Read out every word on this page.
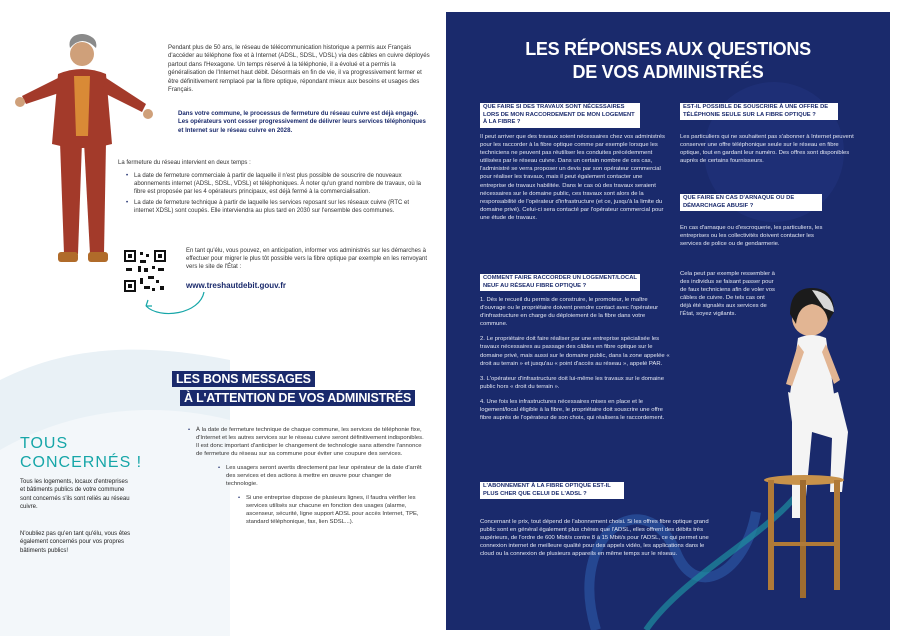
Pendant plus de 50 ans, le réseau de télécommunication historique a permis aux Français d'accéder au téléphone fixe et à Internet (ADSL, SDSL, VDSL) via des câbles en cuivre déployés partout dans l'Hexagone. Un temps réservé à la téléphonie, il a évolué et a permis la généralisation de l'Internet haut débit. Désormais en fin de vie, il va progressivement fermer et être définitivement remplacé par la fibre optique, répondant mieux aux besoins et usages des Français.
Dans votre commune, le processus de fermeture du réseau cuivre est déjà engagé. Les opérateurs vont cesser progressivement de délivrer leurs services téléphoniques et Internet sur le réseau cuivre en 2028.
La fermeture du réseau intervient en deux temps :
• La date de fermeture commerciale à partir de laquelle il n'est plus possible de souscrire de nouveaux abonnements internet (ADSL, SDSL, VDSL) et téléphoniques. À noter qu'un grand nombre de travaux, où la fibre est proposée par les 4 opérateurs principaux, est déjà fermé à la commercialisation.
• La date de fermeture technique à partir de laquelle les services reposant sur les réseaux cuivre (RTC et internet XDSL) sont coupés. Elle interviendra au plus tard en 2030 sur l'ensemble des communes.
En tant qu'élu, vous pouvez, en anticipation, informer vos administrés sur les démarches à effectuer pour migrer le plus tôt possible vers la fibre optique par exemple en les renvoyant vers le site de l'État :
www.treshautdebit.gouv.fr
LES BONS MESSAGES
À L'ATTENTION DE VOS ADMINISTRÉS
TOUS
CONCERNÉS !
Tous les logements, locaux d'entreprises et bâtiments publics de votre commune sont concernés s'ils sont reliés au réseau cuivre.
N'oubliez pas qu'en tant qu'élu, vous êtes également concernés pour vos propres bâtiments publics!
• À la date de fermeture technique de chaque commune, les services de téléphonie fixe, d'Internet et les autres services sur le réseau cuivre seront définitivement indisponibles. Il est donc important d'anticiper le changement de technologie sans attendre l'annonce de fermeture du réseau sur sa commune pour éviter une coupure des services.
• Les usagers seront avertis directement par leur opérateur de la date d'arrêt des services et des actions à mettre en œuvre pour changer de technologie.
• Si une entreprise dispose de plusieurs lignes, il faudra vérifier les services utilisés sur chacune en fonction des usages (alarme, ascenseur, sécurité, ligne support ADSL pour accès Internet, TPE, standard téléphonique, fax, lien SDSL...).
LES RÉPONSES AUX QUESTIONS
DE VOS ADMINISTRÉS
QUE FAIRE SI DES TRAVAUX SONT NÉCESSAIRES LORS DE MON RACCORDEMENT DE MON LOGEMENT À LA FIBRE ?
Il peut arriver que des travaux soient nécessaires chez vos administrés pour les raccorder à la fibre optique comme par exemple lorsque les techniciens ne peuvent pas réutiliser les conduites précédemment utilisées par le réseau cuivre. Dans un certain nombre de ces cas, l'administré se verra proposer un devis par son opérateur commercial pour réaliser les travaux, mais il peut également contacter une entreprise de travaux habilitée. Dans le cas où des travaux seraient nécessaires sur le domaine public, ces travaux sont alors de la responsabilité de l'opérateur d'infrastructure (et ce, jusqu'à la limite du domaine privé). Celui-ci sera contacté par l'opérateur commercial pour une étude de travaux.
COMMENT FAIRE RACCORDER UN LOGEMENT/LOCAL NEUF AU RÉSEAU FIBRE OPTIQUE ?
1. Dès le recueil du permis de construire, le promoteur, le maître d'ouvrage ou le propriétaire doivent prendre contact avec l'opérateur d'infrastructure en charge du déploiement de la fibre dans votre commune.
2. Le propriétaire doit faire réaliser par une entreprise spécialisée les travaux nécessaires au passage des câbles en fibre optique sur le domaine privé, mais aussi sur le domaine public, dans la zone appelée « droit au terrain » et jusqu'au « point d'accès au réseau », appelé PAR.
3. L'opérateur d'infrastructure doit lui-même les travaux sur le domaine public hors « droit du terrain ».
4. Une fois les infrastructures nécessaires mises en place et le logement/local éligible à la fibre, le propriétaire doit souscrire une offre fibre auprès de l'opérateur de son choix, qui réalisera le raccordement.
L'ABONNEMENT À LA FIBRE OPTIQUE EST-IL PLUS CHER QUE CELUI DE L'ADSL ?
Concernant le prix, tout dépend de l'abonnement choisi. Si les offres fibre optique grand public sont en général également plus chères que l'ADSL, elles offrent des débits très supérieurs, de l'ordre de 600 Mbit/s contre 8 à 15 Mbit/s pour l'ADSL, ce qui permet une connexion internet de meilleure qualité pour des appels vidéo, les applications dans le cloud ou la connexion de plusieurs appareils en même temps sur le réseau.
EST-IL POSSIBLE DE SOUSCRIRE À UNE OFFRE DE TÉLÉPHONIE SEULE SUR LA FIBRE OPTIQUE ?
Les particuliers qui ne souhaitent pas s'abonner à Internet peuvent conserver une offre téléphonique seule sur le réseau en fibre optique, tout en gardant leur numéro. Des offres sont disponibles auprès de certains fournisseurs.
QUE FAIRE EN CAS D'ARNAQUE OU DE DÉMARCHAGE ABUSIF ?
En cas d'arnaque ou d'escroquerie, les particuliers, les entreprises ou les collectivités doivent contacter les services de police ou de gendarmerie.
Cela peut par exemple ressembler à des individus se faisant passer pour de faux techniciens afin de voler vos câbles de cuivre. De tels cas ont déjà été signalés aux services de l'État, soyez vigilants.
